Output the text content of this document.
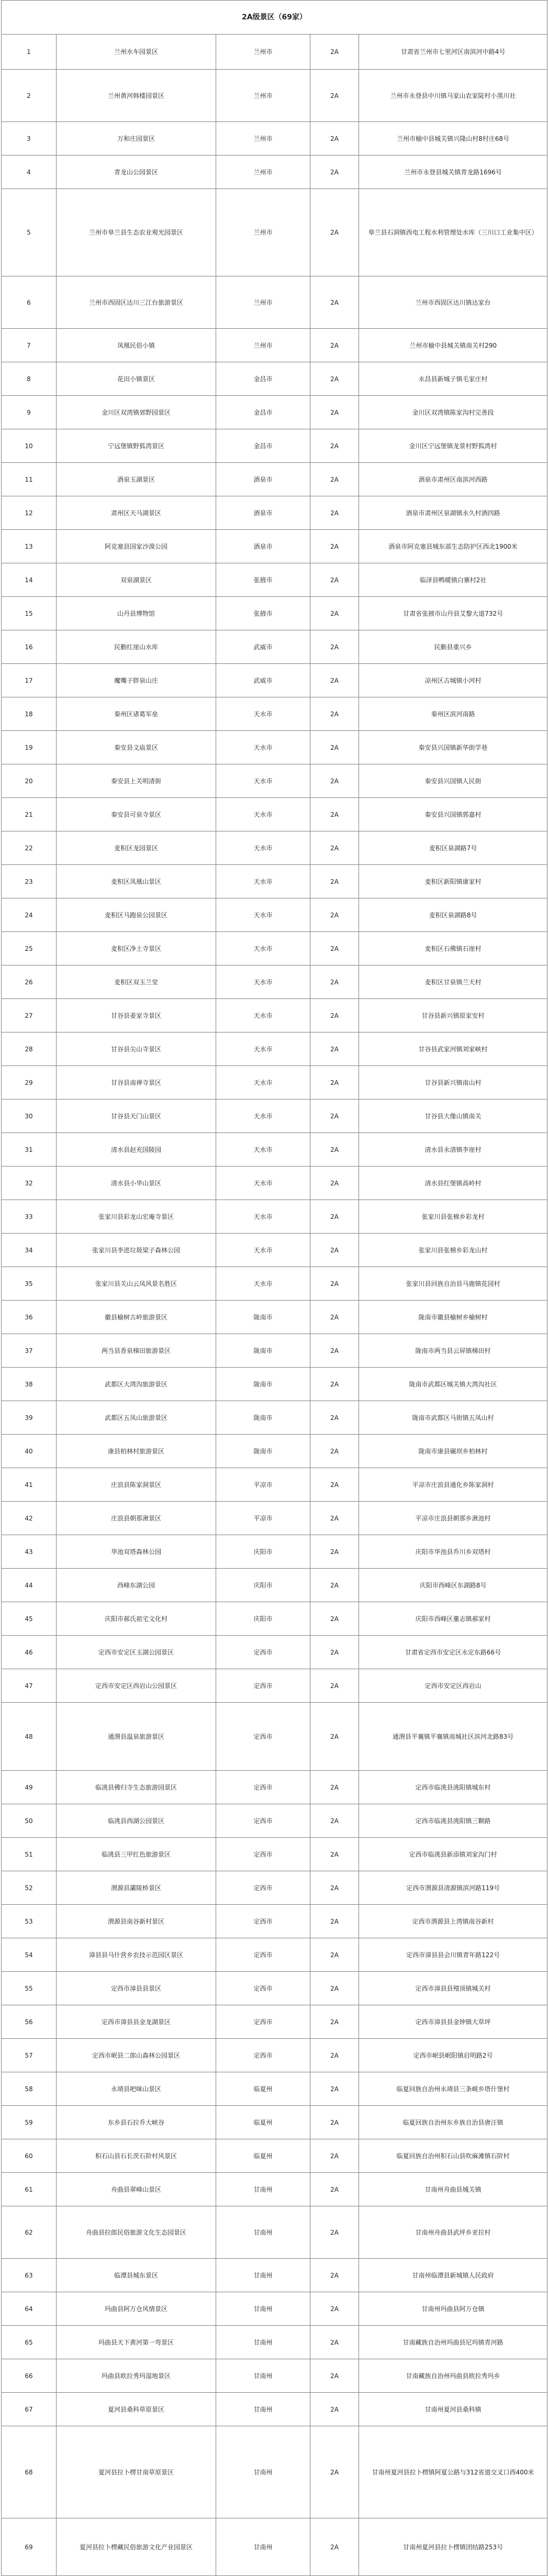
2A级景区（69家）				
1	兰州水车园景区	兰州市	2A	甘肃省兰州市七里河区南滨河中路4号
2	兰州黄河韩楼园景区	兰州市	2A	兰州市永登县中川镇马家山农家陡村小黑川社
3	万和庄园景区	兰州市	2A	兰州市榆中县城关镇兴隆山村8村庄68号
4	青龙山公园景区	兰州市	2A	兰州市永登县城关镇青龙路1696号
5	兰州市皋兰县生态农业观光园景区	兰州市	2A	皋兰县石洞镇西电工程水利管理处水库（三川口工业集中区）
6	兰州市西固区达川三江台旅游景区	兰州市	2A	兰州市西固区达川镇达家台
7	凤凰民俗小镇	兰州市	2A	兰州市榆中县城关镇南关村290
8	花田小镇景区	金昌市	2A	永昌县新城子镇毛家庄村
9	金川区双湾镇郊野园景区	金昌市	2A	金川区双湾镇陈家沟村完善段
10	宁远堡镇野狐湾景区	金昌市	2A	金川区宁远堡镇龙景村野狐湾村
11	酒泉玉湖景区	酒泉市	2A	酒泉市肃州区南滨河西路
12	肃州区天马湖景区	酒泉市	2A	酒泉市肃州区泉湖镇永久村酒四路
13	阿克塞县国家沙漠公园	酒泉市	2A	酒泉市阿克塞县城东部生态防护区西北1900米
14	双泉湖景区	张掖市	2A	临泽县鸭暖镇白寨村2社
15	山丹县博物馆	张掖市	2A	甘肃省张掖市山丹县艾黎大道732号
16	民勤红崖山水库	武威市	2A	民勤县重兴乡
17	魔嘴子胖泉山庄	武威市	2A	凉州区古城镇小河村
18	秦州区诸葛军垒	天水市	2A	秦州区滨河南路
19	秦安县文庙景区	天水市	2A	秦安县兴国镇新华街学巷
20	秦安县上关明清街	天水市	2A	秦安县兴国镇人民街
21	秦安县可泉寺景区	天水市	2A	秦安县兴国镇郭嘉村
22	麦积区龙园景区	天水市	2A	麦积区泉湖路7号
23	麦积区凤凰山景区	天水市	2A	麦积区新阳镇康家村
24	麦积区马跑泉公园景区	天水市	2A	麦积区泉湖路8号
25	麦积区净土寺景区	天水市	2A	麦积区石佛镇石崖村
26	麦积区双玉兰堂	天水市	2A	麦积区甘泉镇兰天村
27	甘谷县姜家寺景区	天水市	2A	甘谷县新兴镇原家安村
28	甘谷县尖山寺景区	天水市	2A	甘谷县武家河镇刘家峡村
29	甘谷县南禅寺景区	天水市	2A	甘谷县新兴镇南山村
30	甘谷县天门山景区	天水市	2A	甘谷县大像山镇南关
31	清水县赵充国陵园	天水市	2A	清水县永清镇李崖村
32	清水县小华山景区	天水市	2A	清水县红堡镇高岭村
33	张家川县彩龙山宏庵寺景区	天水市	2A	张家川县张棉乡彩龙村
34	张家川县李进垃圾梁子森林公园	天水市	2A	张家川县张棉乡彩龙山村
35	张家川县关山云凤风景名胜区	天水市	2A	张家川县回族自治县马鹿镇花园村
36	徽县榆树古岭旅游景区	陇南市	2A	陇南市徽县榆树乡榆树村
37	两当县香泉梯田旅游景区	陇南市	2A	陇南市两当县云屏镇梯田村
38	武都区大湾沟旅游景区	陇南市	2A	陇南市武都区城关镇大湾沟社区
39	武都区五凤山旅游景区	陇南市	2A	陇南市武都区马街镇五凤山村
40	康县柏林村旅游景区	陇南市	2A	陇南市康县碾坝乡柏林村
41	庄浪县陈家洞景区	平凉市	2A	平凉市庄浪县通化乡陈家洞村
42	庄浪县朝那湫景区	平凉市	2A	平凉市庄浪县朝那乡湫池村
43	华池双塔森林公园	庆阳市	2A	庆阳市华池县乔川乡双塔村
44	西峰东湖公园	庆阳市	2A	庆阳市西峰区东湖路8号
45	庆阳市郝氏祖宅文化村	庆阳市	2A	庆阳市西峰区董志镇郝家村
46	定西市安定区玉湖公园景区	定西市	2A	甘肃省定西市安定区永定东路66号
47	定西市安定区西岩山公园景区	定西市	2A	定西市安定区西岩山
48	通渭县温泉旅游景区	定西市	2A	通渭县平襄镇平襄镇南城社区滨河北路83号
49	临洮县佛归寺生态旅游园景区	定西市	2A	定西市临洮县洮阳镇城东村
50	临洮县西湖公园景区	定西市	2A	定西市临洮县洮阳镇三颗路
51	临洮县三甲红色旅游景区	定西市	2A	定西市临洮县新添镇刘家沟门村
52	渭源县灞陵桥景区	定西市	2A	定西市渭源县清源镇滨河路119号
53	渭源县南谷新村景区	定西市	2A	定西市渭源县上湾镇南谷新村
54	漳县县马什营乡农技示范园区景区	定西市	2A	定西市漳县县会川镇青年路122号
55	定西市漳县县景区	定西市	2A	定西市漳县县殪顶镇城关村
56	定西市漳县县金龙湖景区	定西市	2A	定西市漳县县金钟镇大草坪
57	定西市岷县二郎山森林公园景区	定西市	2A	定西市岷县岷阳镇启明路2号
58	永靖县吧咪山景区	临夏州	2A	临夏回族自治州永靖县三条岘乡塔什堡村
59	东乡县石拉乔大峡谷	临夏州	2A	临夏回族自治州东乡族自治县唐汪镇
60	积石山县石长茨石阶村风景区	临夏州	2A	临夏回族自治州积石山县吹麻滩镇石阶村
61	舟曲县翠峰山景区	甘南州	2A	甘南州舟曲县城关镇
62	舟曲县拉郎民俗旅游文化生态园景区	甘南州	2A	甘南州舟曲县武坪乡亚拉村
63	临潭县城东景区	甘南州	2A	甘南州临潭县新城镇人民政府
64	玛曲县阿万仓风情景区	甘南州	2A	甘南州玛曲县阿万仓镇
65	玛曲县天下黄河第一弯景区	甘南州	2A	甘南藏族自治州玛曲县尼玛镇青河路
66	玛曲县欧拉秀玛湿地景区	甘南州	2A	甘南藏族自治州玛曲县欧拉秀玛乡
67	夏河县桑科草原景区	甘南州	2A	甘南州夏河县桑科镇
68	夏河县拉卜楞甘南草原景区	甘南州	2A	甘南州夏河县拉卜楞镇阿夏公路与312省道交叉口西400米
69	夏河县拉卜楞藏民俗旅游文化产业园景区	甘南州	2A	甘南州夏河县拉卜楞镇团结路253号
